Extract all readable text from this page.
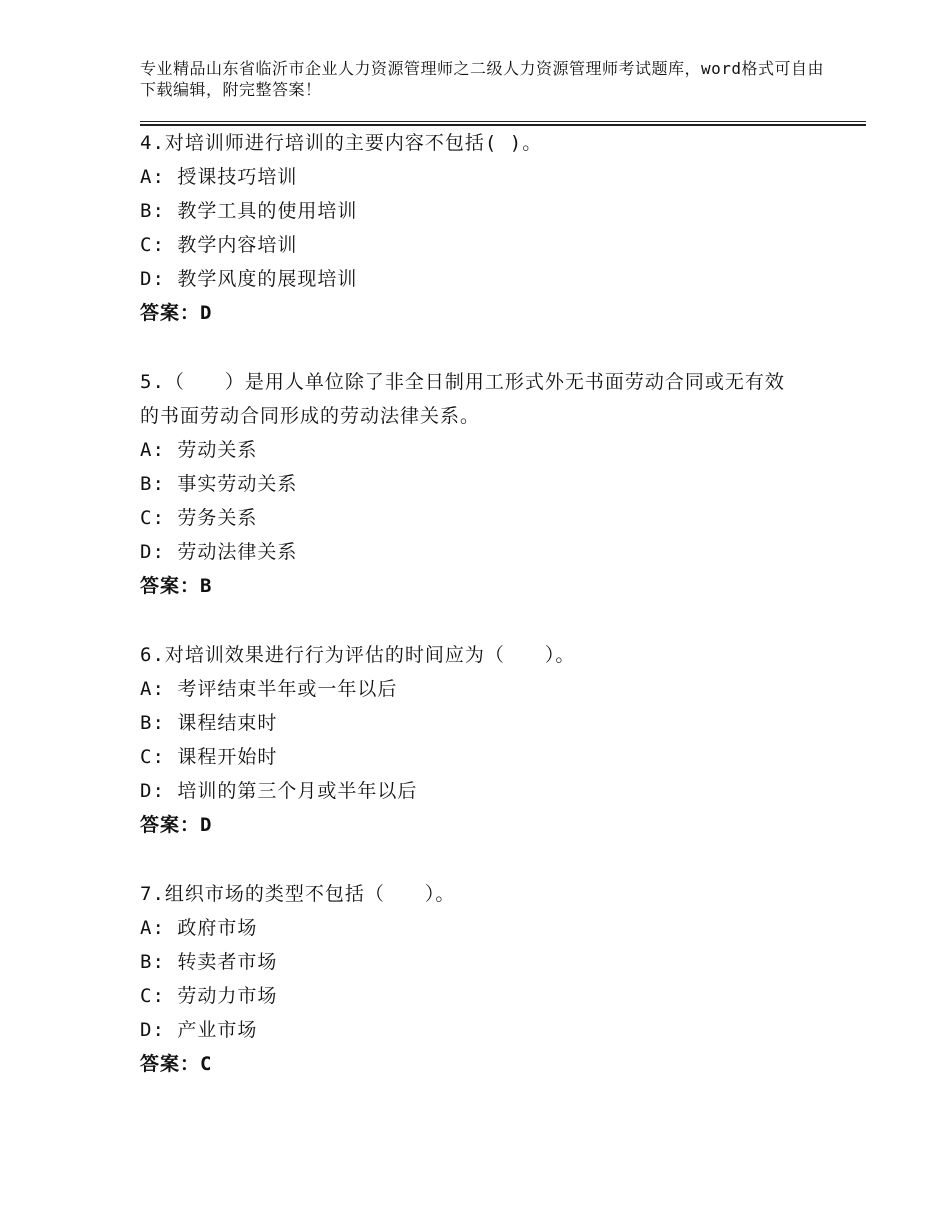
专业精品山东省临沂市企业人力资源管理师之二级人力资源管理师考试题库，word格式可自由下载编辑，附完整答案！
4.对培训师进行培训的主要内容不包括( )。
A: 授课技巧培训
B: 教学工具的使用培训
C: 教学内容培训
D: 教学风度的展现培训
答案：D
5.（　　）是用人单位除了非全日制用工形式外无书面劳动合同或无有效的书面劳动合同形成的劳动法律关系。
A: 劳动关系
B: 事实劳动关系
C: 劳务关系
D: 劳动法律关系
答案：B
6.对培训效果进行行为评估的时间应为（　　）。
A: 考评结束半年或一年以后
B: 课程结束时
C: 课程开始时
D: 培训的第三个月或半年以后
答案：D
7.组织市场的类型不包括（　　）。
A: 政府市场
B: 转卖者市场
C: 劳动力市场
D: 产业市场
答案：C
